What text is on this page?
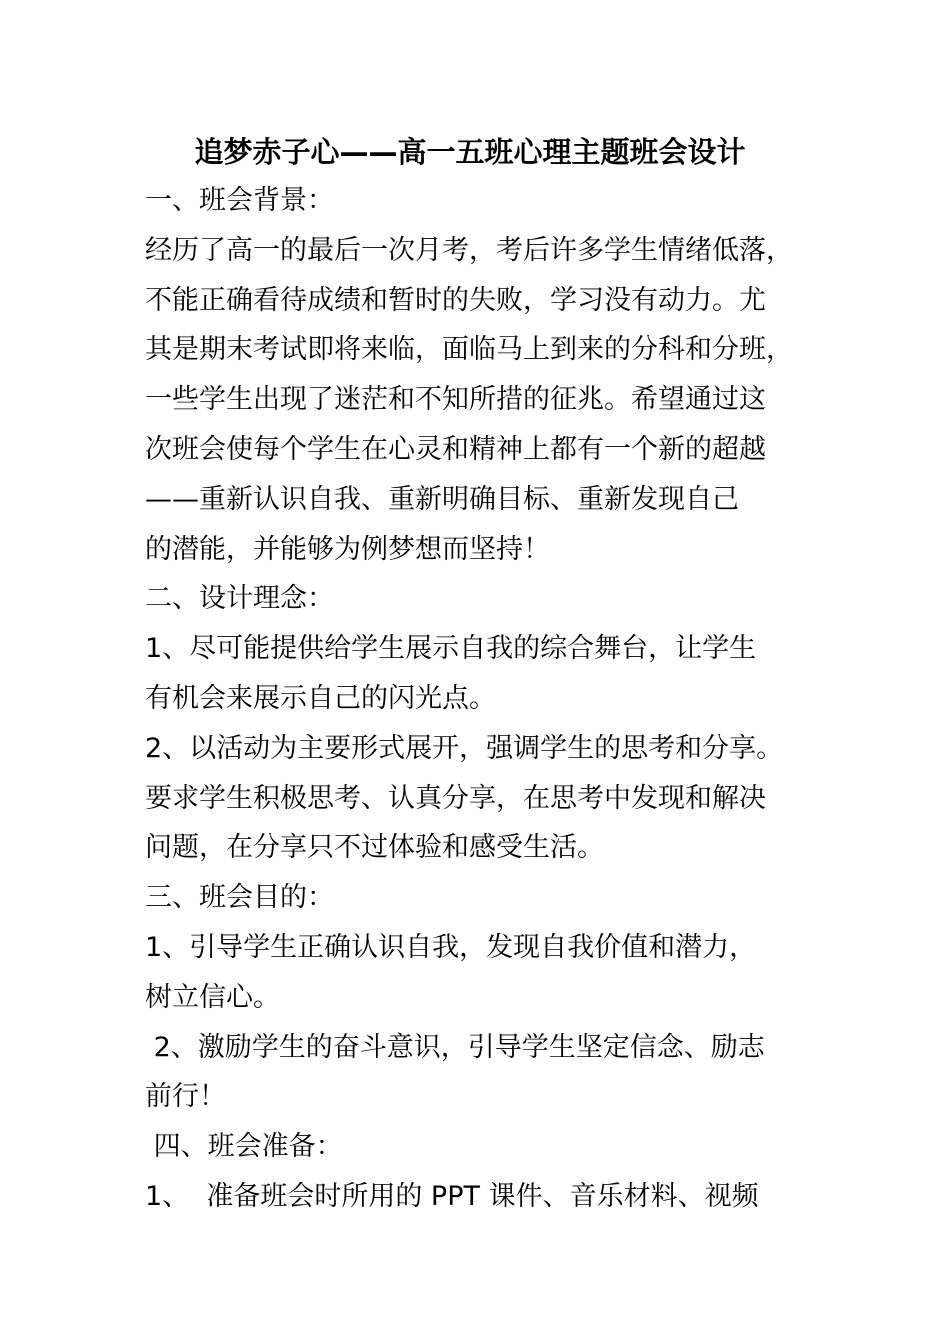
追梦赤子心——高一五班心理主题班会设计
一、班会背景：
经历了高一的最后一次月考，考后许多学生情绪低落，
不能正确看待成绩和暂时的失败，学习没有动力。尤
其是期末考试即将来临，面临马上到来的分科和分班，
一些学生出现了迷茫和不知所措的征兆。希望通过这
次班会使每个学生在心灵和精神上都有一个新的超越
——重新认识自我、重新明确目标、重新发现自己
的潜能，并能够为例梦想而坚持！
二、设计理念：
1、尽可能提供给学生展示自我的综合舞台，让学生
有机会来展示自己的闪光点。
2、以活动为主要形式展开，强调学生的思考和分享。
要求学生积极思考、认真分享，在思考中发现和解决
问题，在分享只不过体验和感受生活。
三、班会目的：
1、引导学生正确认识自我，发现自我价值和潜力，
树立信心。
2、激励学生的奋斗意识，引导学生坚定信念、励志
前行！
四、班会准备：
1、  准备班会时所用的 PPT 课件、音乐材料、视频
